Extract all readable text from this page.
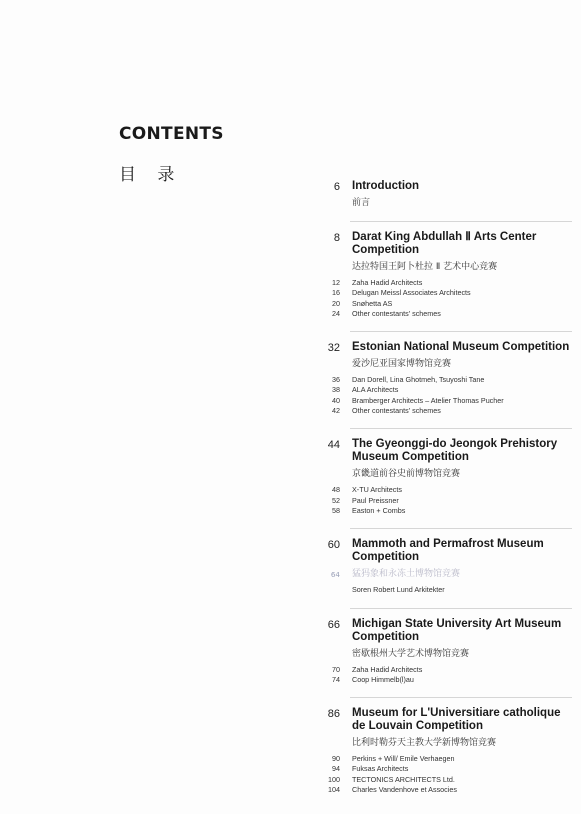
CONTENTS
目 录
6 Introduction
前言
8 Darat King Abdullah Ⅱ Arts Center Competition
达拉特国王阿卜杜拉 Ⅱ 艺术中心竞赛
12 Zaha Hadid Architects
16 Delugan Meissl Associates Architects
20 Snøhetta AS
24 Other contestants' schemes
32 Estonian National Museum Competition
爱沙尼亚国家博物馆竞赛
36 Dan Dorell, Lina Ghotmeh, Tsuyoshi Tane
38 ALA Architects
40 Bramberger Architects – Atelier Thomas Pucher
42 Other contestants' schemes
44 The Gyeonggi-do Jeongok Prehistory Museum Competition
京畿道前谷史前博物馆竞赛
48 X-TU Architects
52 Paul Preissner
58 Easton + Combs
60 Mammoth and Permafrost Museum Competition
64 猛犸象和永冻土博物馆竞赛
Soren Robert Lund Arkitekter
66 Michigan State University Art Museum Competition
密歇根州大学艺术博物馆竞赛
70 Zaha Hadid Architects
74 Coop Himmelb(l)au
86 Museum for L'Universitiare catholique de Louvain Competition
比利时勒芬天主教大学新博物馆竞赛
90 Perkins + Will/ Emile Verhaegen
94 Fuksas Architects
100 TECTONICS ARCHITECTS Ltd.
104 Charles Vandenhove et Associes
